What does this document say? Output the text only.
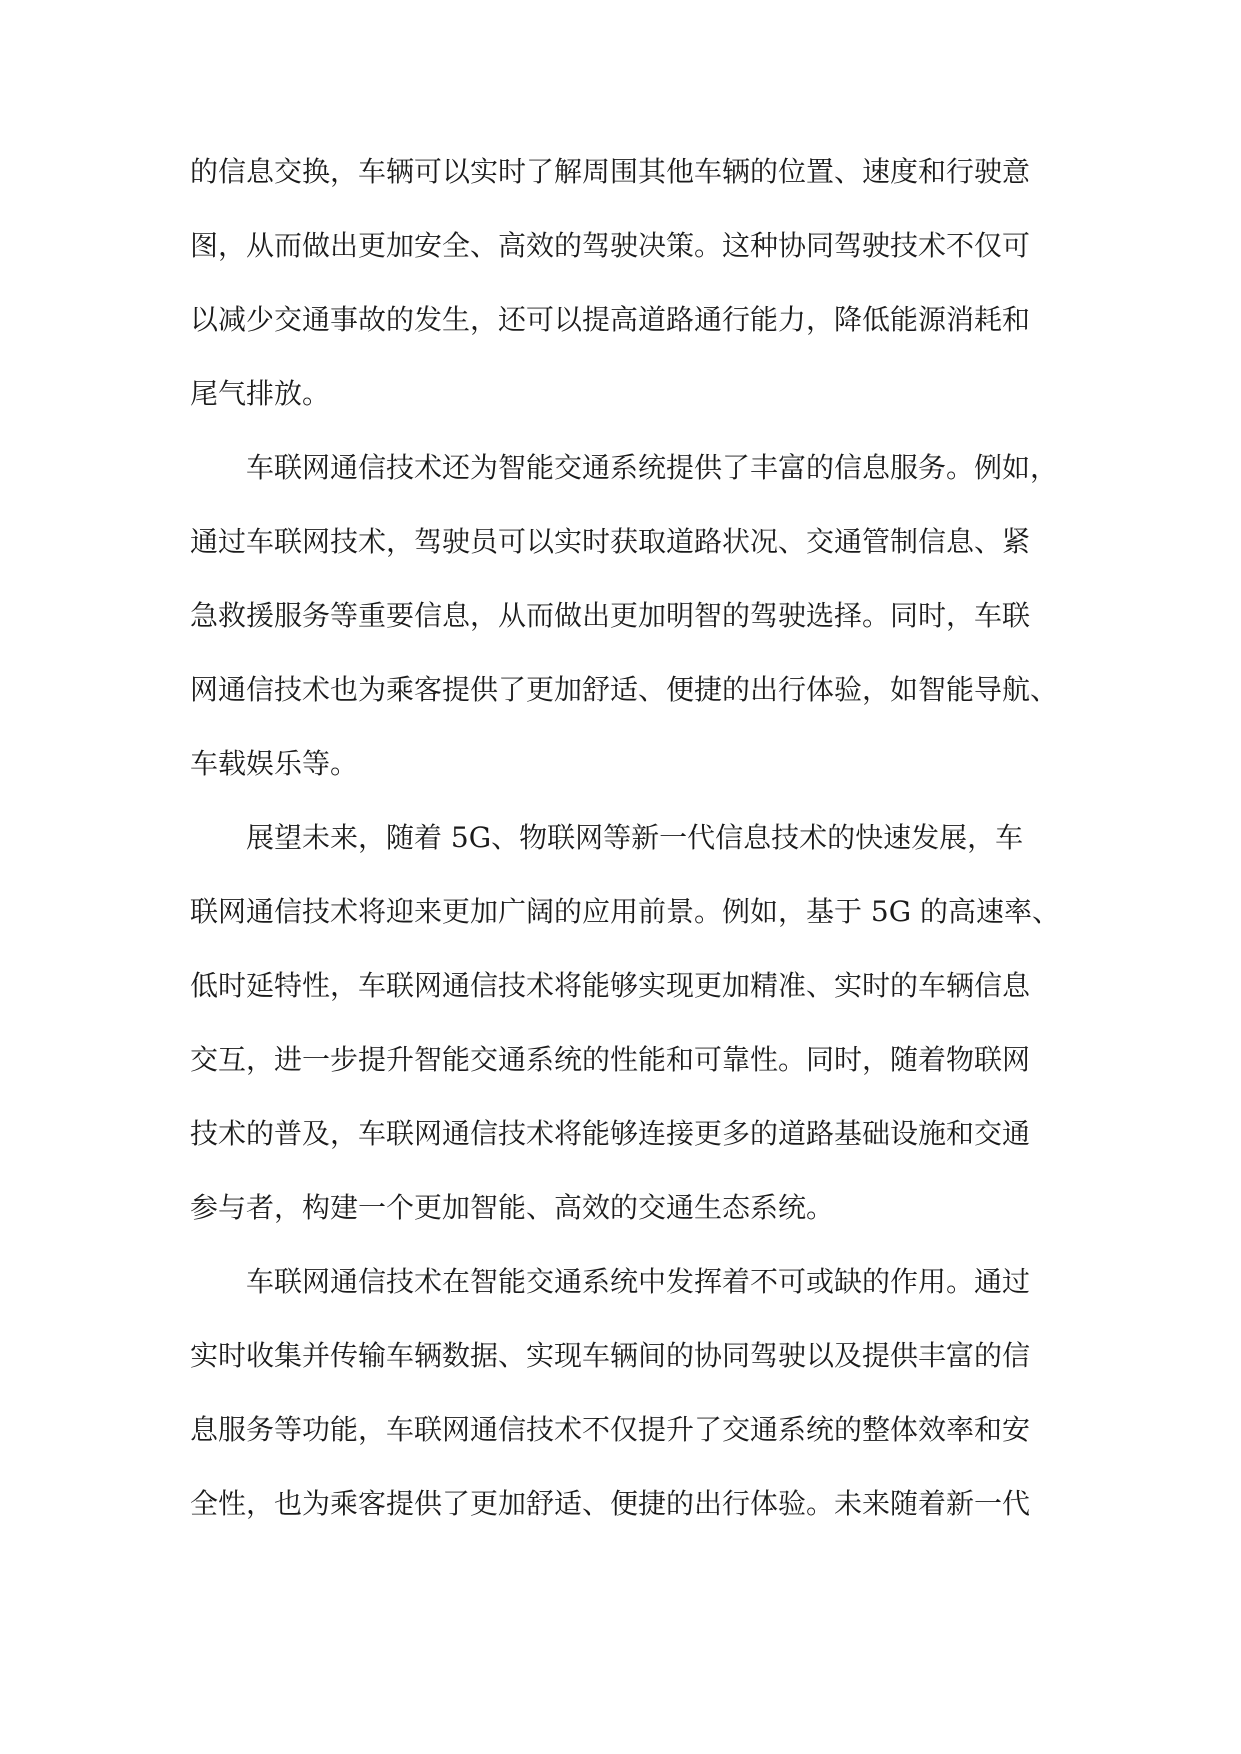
的信息交换，车辆可以实时了解周围其他车辆的位置、速度和行驶意
图，从而做出更加安全、高效的驾驶决策。这种协同驾驶技术不仅可
以减少交通事故的发生，还可以提高道路通行能力，降低能源消耗和
尾气排放。
车联网通信技术还为智能交通系统提供了丰富的信息服务。例如，
通过车联网技术，驾驶员可以实时获取道路状况、交通管制信息、紧
急救援服务等重要信息，从而做出更加明智的驾驶选择。同时，车联
网通信技术也为乘客提供了更加舒适、便捷的出行体验，如智能导航、
车载娱乐等。
展望未来，随着 5G、物联网等新一代信息技术的快速发展，车
联网通信技术将迎来更加广阔的应用前景。例如，基于 5G 的高速率、
低时延特性，车联网通信技术将能够实现更加精准、实时的车辆信息
交互，进一步提升智能交通系统的性能和可靠性。同时，随着物联网
技术的普及，车联网通信技术将能够连接更多的道路基础设施和交通
参与者，构建一个更加智能、高效的交通生态系统。
车联网通信技术在智能交通系统中发挥着不可或缺的作用。通过
实时收集并传输车辆数据、实现车辆间的协同驾驶以及提供丰富的信
息服务等功能，车联网通信技术不仅提升了交通系统的整体效率和安
全性，也为乘客提供了更加舒适、便捷的出行体验。未来随着新一代
